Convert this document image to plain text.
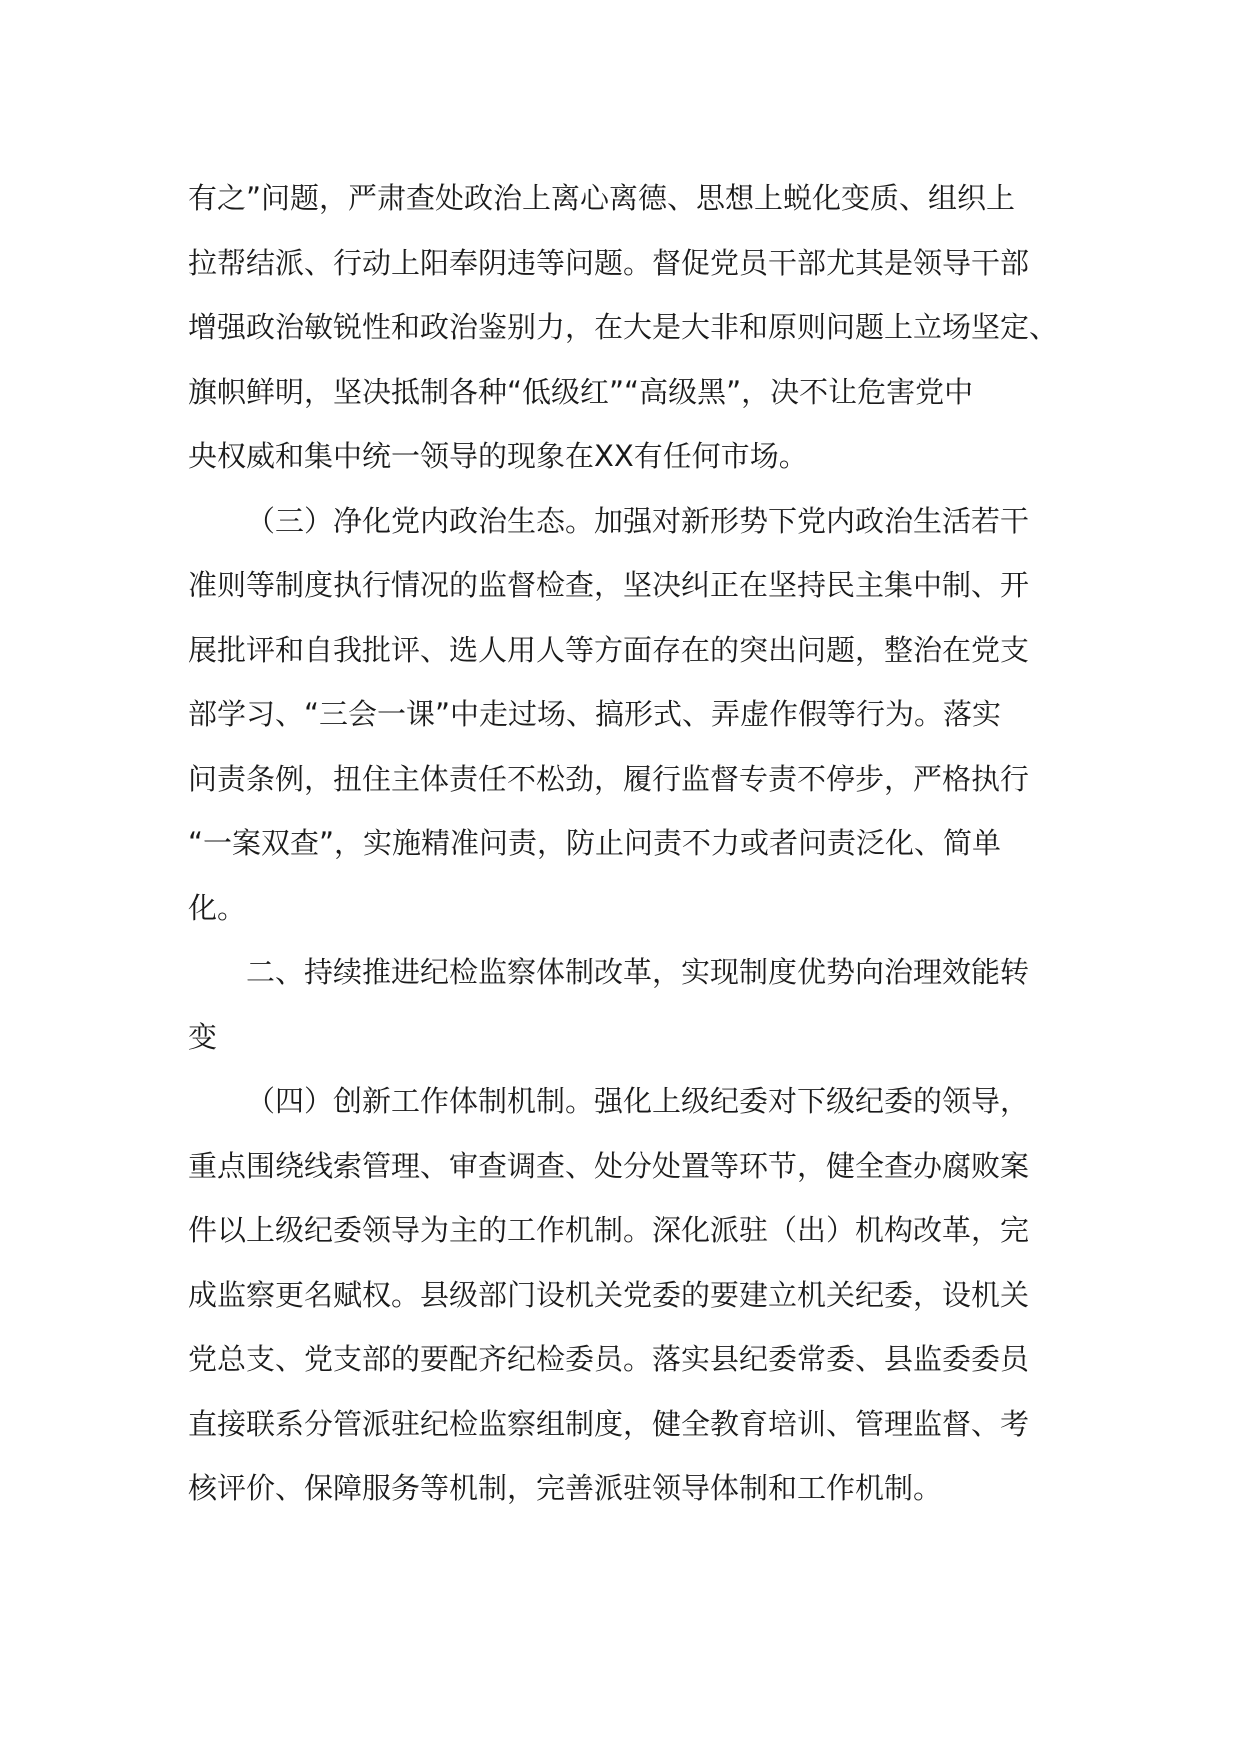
有之”问题，严肃查处政治上离心离德、思想上蜕化变质、组织上
拉帮结派、行动上阳奉阴违等问题。督促党员干部尤其是领导干部
增强政治敏锐性和政治鉴别力，在大是大非和原则问题上立场坚定、
旗帜鲜明，坚决抵制各种“低级红”“高级黑”，决不让危害党中
央权威和集中统一领导的现象在XX有任何市场。
（三）净化党内政治生态。加强对新形势下党内政治生活若干
准则等制度执行情况的监督检查，坚决纠正在坚持民主集中制、开
展批评和自我批评、选人用人等方面存在的突出问题，整治在党支
部学习、“三会一课”中走过场、搞形式、弄虚作假等行为。落实
问责条例，扭住主体责任不松劲，履行监督专责不停步，严格执行
“一案双查”，实施精准问责，防止问责不力或者问责泛化、简单
化。
二、持续推进纪检监察体制改革，实现制度优势向治理效能转
变
（四）创新工作体制机制。强化上级纪委对下级纪委的领导，
重点围绕线索管理、审查调查、处分处置等环节，健全查办腐败案
件以上级纪委领导为主的工作机制。深化派驻（出）机构改革，完
成监察更名赋权。县级部门设机关党委的要建立机关纪委，设机关
党总支、党支部的要配齐纪检委员。落实县纪委常委、县监委委员
直接联系分管派驻纪检监察组制度，健全教育培训、管理监督、考
核评价、保障服务等机制，完善派驻领导体制和工作机制。
